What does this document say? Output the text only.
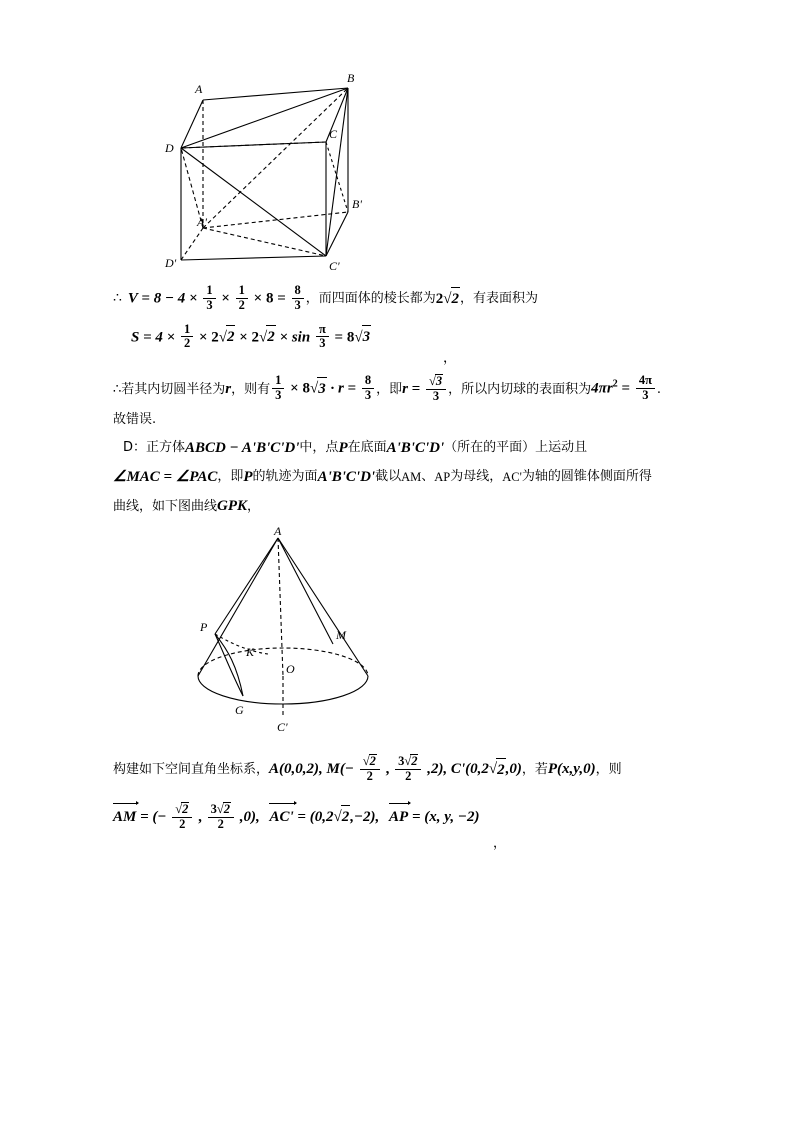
A
B
D
C
B'
A'
D'	C'
∴ $V = 8 - 4 \times \frac{1}{3} \times \frac{1}{2} \times 8 = \frac{8}{3}$ ，而四面体的棱长都为 2√2 ，有表面积为
$S = 4 \times \frac{1}{2} \times 2√2 \times 2√2 \times \sin \frac{\pi}{3} = 8√3$
，
∴若其内切圆半径为 r ，则有 $\frac{1}{3} \times 8√3 \cdot r = \frac{8}{3}$ ，即 $r = \frac{√3}{3}$ ，所以内切球的表面积为 $4\pi r^2 = \frac{4\pi}{3}$ .
故错误.
D：正方体 ABCD − A'B'C'D' 中，点 P 在底面 A'B'C'D' （所在的平面）上运动且
∠MAC = ∠PAC ，即 P 的轨迹为面 A'B'C'D' 截以 AM 、 AP 为母线， AC' 为轴的圆锥体侧面所得
曲线，如下图曲线 GPK ，
A
P
M
K
O
G
C'
构建如下空间直角坐标系， A(0,0,2), $M(- \frac{√2}{2}$ , $\frac{3√2}{2} ,2$), C'(0,2√2,0) ，若 P(x,y,0) ，则
AM = (− $\frac{√2}{2}$ , $\frac{3√2}{2} ,0$), AC' = (0,2√2,−2), AP = (x, y, −2)
，
